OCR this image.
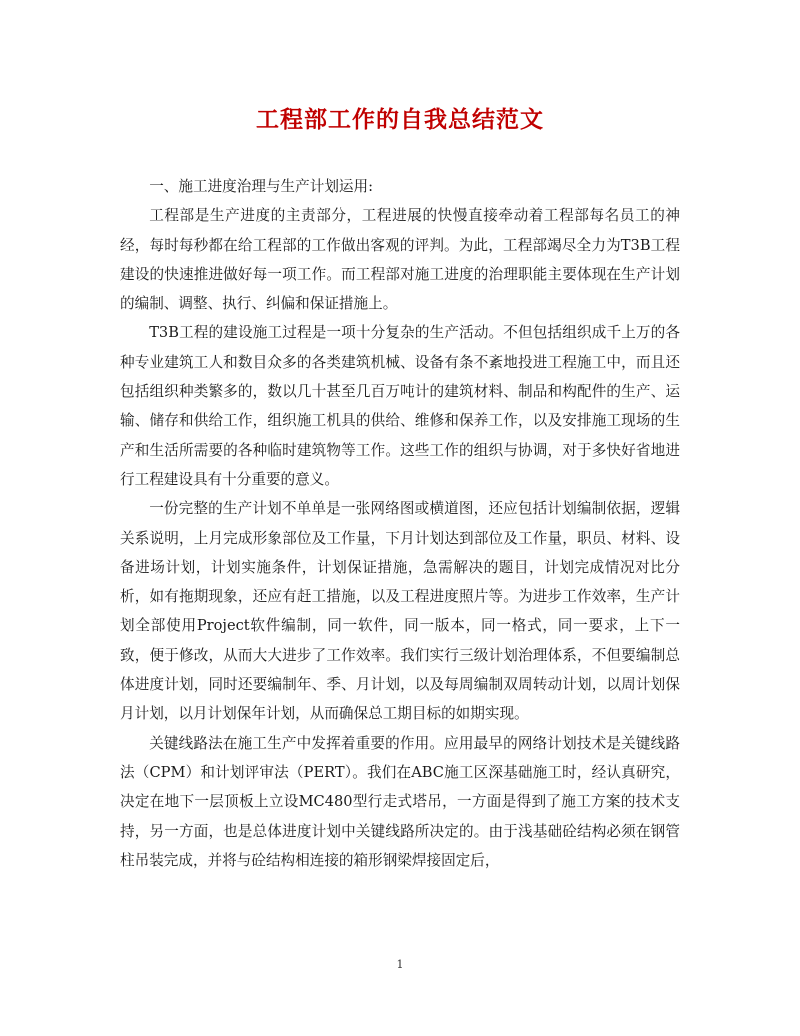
工程部工作的自我总结范文

一、施工进度治理与生产计划运用:

工程部是生产进度的主责部分，工程进展的快慢直接牵动着工程部每名员工的神经，每时每秒都在给工程部的工作做出客观的评判。为此，工程部竭尽全力为T3B工程建设的快速推进做好每一项工作。而工程部对施工进度的治理职能主要体现在生产计划的编制、调整、执行、纠偏和保证措施上。

T3B工程的建设施工过程是一项十分复杂的生产活动。不但包括组织成千上万的各种专业建筑工人和数目众多的各类建筑机械、设备有条不紊地投进工程施工中，而且还包括组织种类繁多的，数以几十甚至几百万吨计的建筑材料、制品和构配件的生产、运输、储存和供给工作，组织施工机具的供给、维修和保养工作，以及安排施工现场的生产和生活所需要的各种临时建筑物等工作。这些工作的组织与协调，对于多快好省地进行工程建设具有十分重要的意义。

一份完整的生产计划不单单是一张网络图或横道图，还应包括计划编制依据，逻辑关系说明，上月完成形象部位及工作量，下月计划达到部位及工作量，职员、材料、设备进场计划，计划实施条件，计划保证措施，急需解决的题目，计划完成情况对比分析，如有拖期现象，还应有赶工措施，以及工程进度照片等。为进步工作效率，生产计划全部使用Project软件编制，同一软件，同一版本，同一格式，同一要求，上下一致，便于修改，从而大大进步了工作效率。我们实行三级计划治理体系，不但要编制总体进度计划，同时还要编制年、季、月计划，以及每周编制双周转动计划，以周计划保月计划，以月计划保年计划，从而确保总工期目标的如期实现。

关键线路法在施工生产中发挥着重要的作用。应用最早的网络计划技术是关键线路法（CPM）和计划评审法（PERT）。我们在ABC施工区深基础施工时，经认真研究，决定在地下一层顶板上立设MC480型行走式塔吊，一方面是得到了施工方案的技术支持，另一方面，也是总体进度计划中关键线路所决定的。由于浅基础砼结构必须在钢管柱吊装完成，并将与砼结构相连接的箱形钢梁焊接固定后，

1
